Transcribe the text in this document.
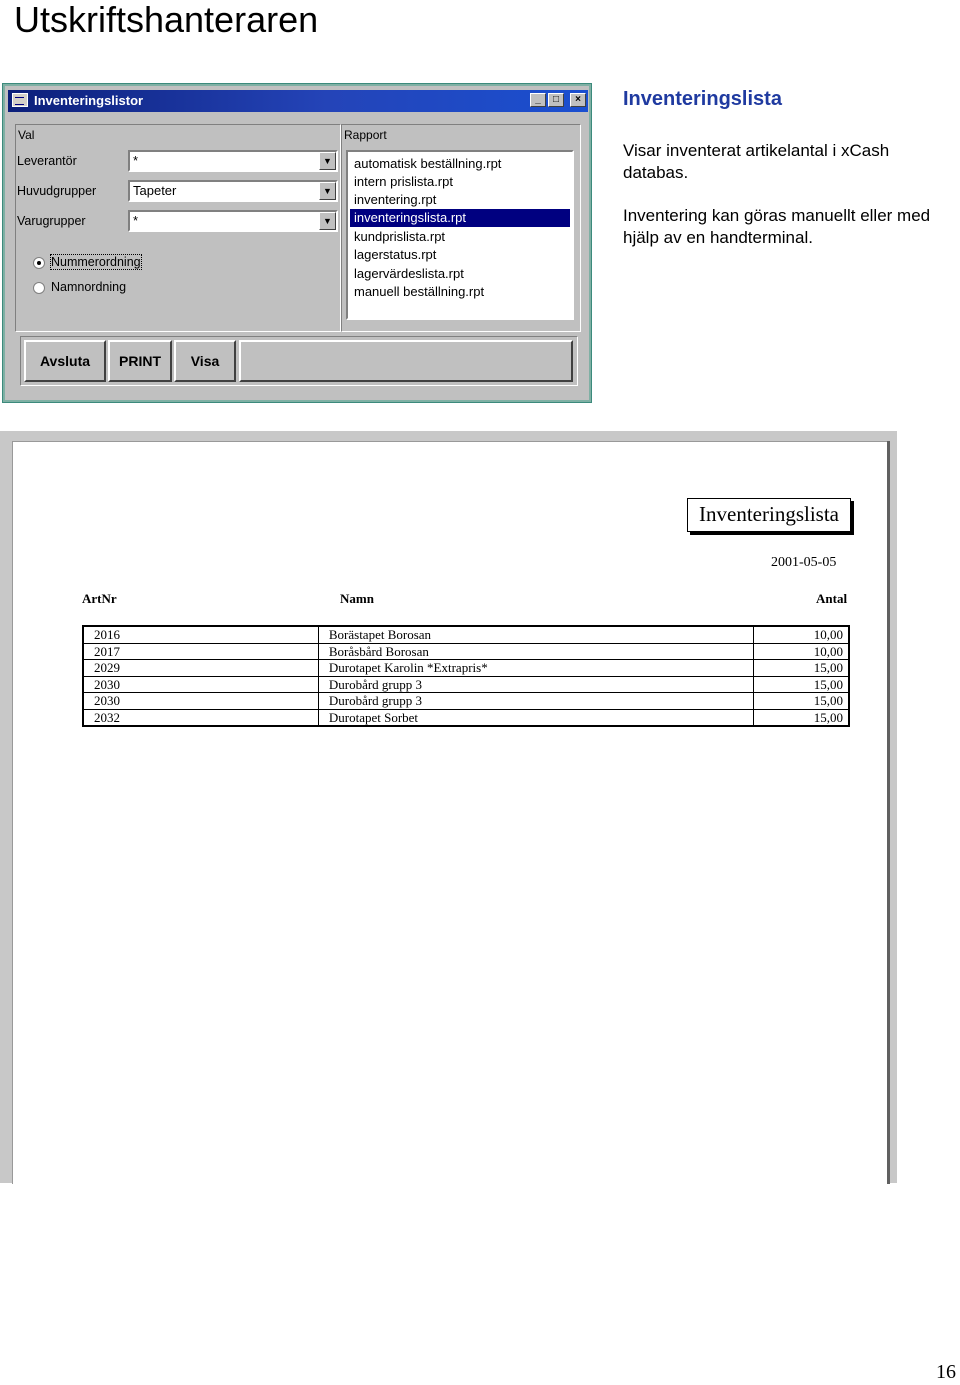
Utskriftshanteraren
Inventeringslistor	_	□	×
Val
Leverantör	*	▼
Huvudgrupper	Tapeter	▼
Varugrupper	*	▼
Nummerordning
Namnordning
Rapport
automatisk beställning.rpt
intern prislista.rpt
inventering.rpt
inventeringslista.rpt
kundprislista.rpt
lagerstatus.rpt
lagervärdeslista.rpt
manuell beställning.rpt
Avsluta	PRINT	Visa
Inventeringslista
Visar inventerat artikelantal i xCash databas.
Inventering kan göras manuellt eller med hjälp av en handterminal.
Inventeringslista
2001-05-05
ArtNr	Namn	Antal
2016	Borästapet Borosan	10,00
2017	Boråsbård Borosan	10,00
2029	Durotapet Karolin *Extrapris*	15,00
2030	Durobård grupp 3	15,00
2030	Durobård grupp 3	15,00
2032	Durotapet Sorbet	15,00
16
